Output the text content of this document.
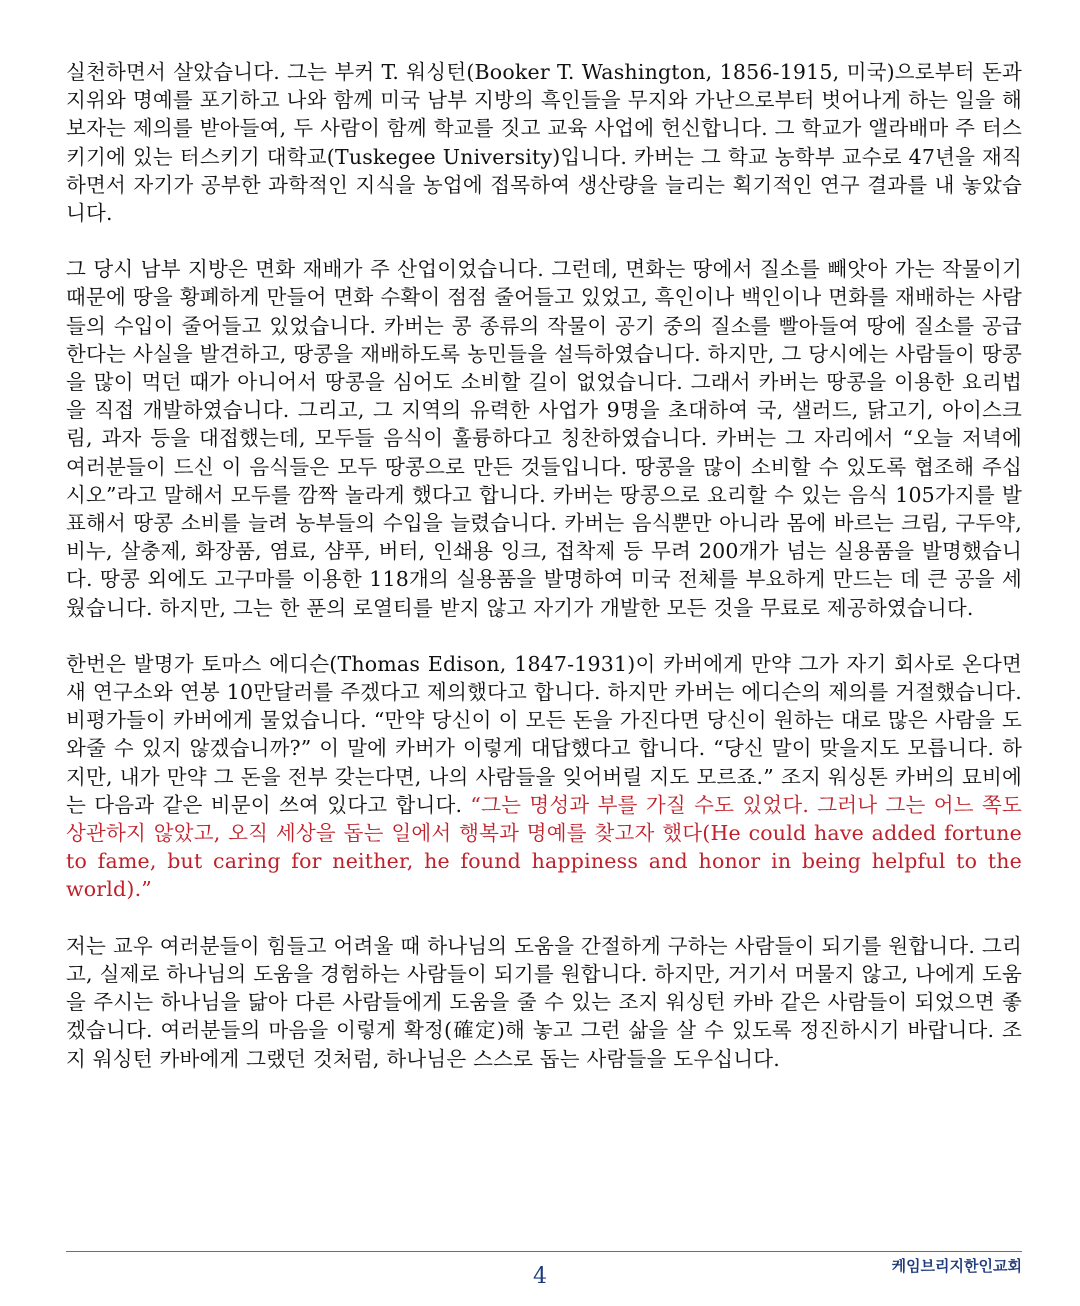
실천하면서 살았습니다. 그는 부커 T. 워싱턴(Booker T. Washington, 1856-1915, 미국)으로부터 돈과 지위와 명예를 포기하고 나와 함께 미국 남부 지방의 흑인들을 무지와 가난으로부터 벗어나게 하는 일을 해 보자는 제의를 받아들여, 두 사람이 함께 학교를 짓고 교육 사업에 헌신합니다. 그 학교가 앨라배마 주 터스키기에 있는 터스키기 대학교(Tuskegee University)입니다. 카버는 그 학교 농학부 교수로 47년을 재직하면서 자기가 공부한 과학적인 지식을 농업에 접목하여 생산량을 늘리는 획기적인 연구 결과를 내 놓았습니다.

그 당시 남부 지방은 면화 재배가 주 산업이었습니다. 그런데, 면화는 땅에서 질소를 빼앗아 가는 작물이기 때문에 땅을 황폐하게 만들어 면화 수확이 점점 줄어들고 있었고, 흑인이나 백인이나 면화를 재배하는 사람들의 수입이 줄어들고 있었습니다. 카버는 콩 종류의 작물이 공기 중의 질소를 빨아들여 땅에 질소를 공급한다는 사실을 발견하고, 땅콩을 재배하도록 농민들을 설득하였습니다. 하지만, 그 당시에는 사람들이 땅콩을 많이 먹던 때가 아니어서 땅콩을 심어도 소비할 길이 없었습니다. 그래서 카버는 땅콩을 이용한 요리법을 직접 개발하였습니다. 그리고, 그 지역의 유력한 사업가 9명을 초대하여 국, 샐러드, 닭고기, 아이스크림, 과자 등을 대접했는데, 모두들 음식이 훌륭하다고 칭찬하였습니다. 카버는 그 자리에서 “오늘 저녁에 여러분들이 드신 이 음식들은 모두 땅콩으로 만든 것들입니다. 땅콩을 많이 소비할 수 있도록 협조해 주십시오”라고 말해서 모두를 깜짝 놀라게 했다고 합니다. 카버는 땅콩으로 요리할 수 있는 음식 105가지를 발표해서 땅콩 소비를 늘려 농부들의 수입을 늘렸습니다. 카버는 음식뿐만 아니라 몸에 바르는 크림, 구두약, 비누, 살충제, 화장품, 염료, 샴푸, 버터, 인쇄용 잉크, 접착제 등 무려 200개가 넘는 실용품을 발명했습니다. 땅콩 외에도 고구마를 이용한 118개의 실용품을 발명하여 미국 전체를 부요하게 만드는 데 큰 공을 세웠습니다. 하지만, 그는 한 푼의 로열티를 받지 않고 자기가 개발한 모든 것을 무료로 제공하였습니다.

한번은 발명가 토마스 에디슨(Thomas Edison, 1847-1931)이 카버에게 만약 그가 자기 회사로 온다면 새 연구소와 연봉 10만달러를 주겠다고 제의했다고 합니다. 하지만 카버는 에디슨의 제의를 거절했습니다. 비평가들이 카버에게 물었습니다. “만약 당신이 이 모든 돈을 가진다면 당신이 원하는 대로 많은 사람을 도와줄 수 있지 않겠습니까?” 이 말에 카버가 이렇게 대답했다고 합니다. “당신 말이 맞을지도 모릅니다. 하지만, 내가 만약 그 돈을 전부 갖는다면, 나의 사람들을 잊어버릴 지도 모르죠.” 조지 워싱톤 카버의 묘비에는 다음과 같은 비문이 쓰여 있다고 합니다. “그는 명성과 부를 가질 수도 있었다. 그러나 그는 어느 쪽도 상관하지 않았고, 오직 세상을 돕는 일에서 행복과 명예를 찾고자 했다(He could have added fortune to fame, but caring for neither, he found happiness and honor in being helpful to the world).”

저는 교우 여러분들이 힘들고 어려울 때 하나님의 도움을 간절하게 구하는 사람들이 되기를 원합니다. 그리고, 실제로 하나님의 도움을 경험하는 사람들이 되기를 원합니다. 하지만, 거기서 머물지 않고, 나에게 도움을 주시는 하나님을 닮아 다른 사람들에게 도움을 줄 수 있는 조지 워싱턴 카바 같은 사람들이 되었으면 좋겠습니다. 여러분들의 마음을 이렇게 확정(確定)해 놓고 그런 삶을 살 수 있도록 정진하시기 바랍니다. 조지 워싱턴 카바에게 그랬던 것처럼, 하나님은 스스로 돕는 사람들을 도우십니다.

4	케임브리지한인교회
